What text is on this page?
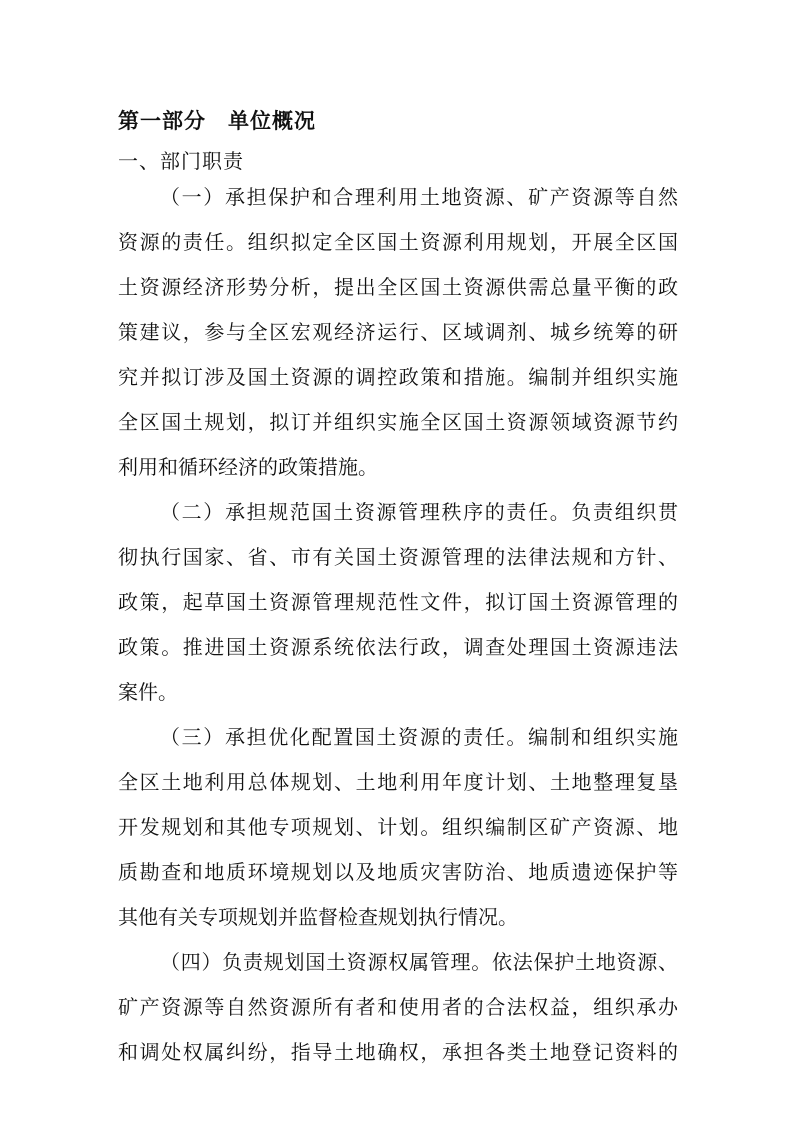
第一部分　单位概况
一、部门职责
（一）承担保护和合理利用土地资源、矿产资源等自然
资源的责任。组织拟定全区国土资源利用规划，开展全区国
土资源经济形势分析，提出全区国土资源供需总量平衡的政
策建议，参与全区宏观经济运行、区域调剂、城乡统筹的研
究并拟订涉及国土资源的调控政策和措施。编制并组织实施
全区国土规划，拟订并组织实施全区国土资源领域资源节约
利用和循环经济的政策措施。
（二）承担规范国土资源管理秩序的责任。负责组织贯
彻执行国家、省、市有关国土资源管理的法律法规和方针、
政策，起草国土资源管理规范性文件，拟订国土资源管理的
政策。推进国土资源系统依法行政，调查处理国土资源违法
案件。
（三）承担优化配置国土资源的责任。编制和组织实施
全区土地利用总体规划、土地利用年度计划、土地整理复垦
开发规划和其他专项规划、计划。组织编制区矿产资源、地
质勘查和地质环境规划以及地质灾害防治、地质遗迹保护等
其他有关专项规划并监督检查规划执行情况。
（四）负责规划国土资源权属管理。依法保护土地资源、
矿产资源等自然资源所有者和使用者的合法权益，组织承办
和调处权属纠纷，指导土地确权，承担各类土地登记资料的
